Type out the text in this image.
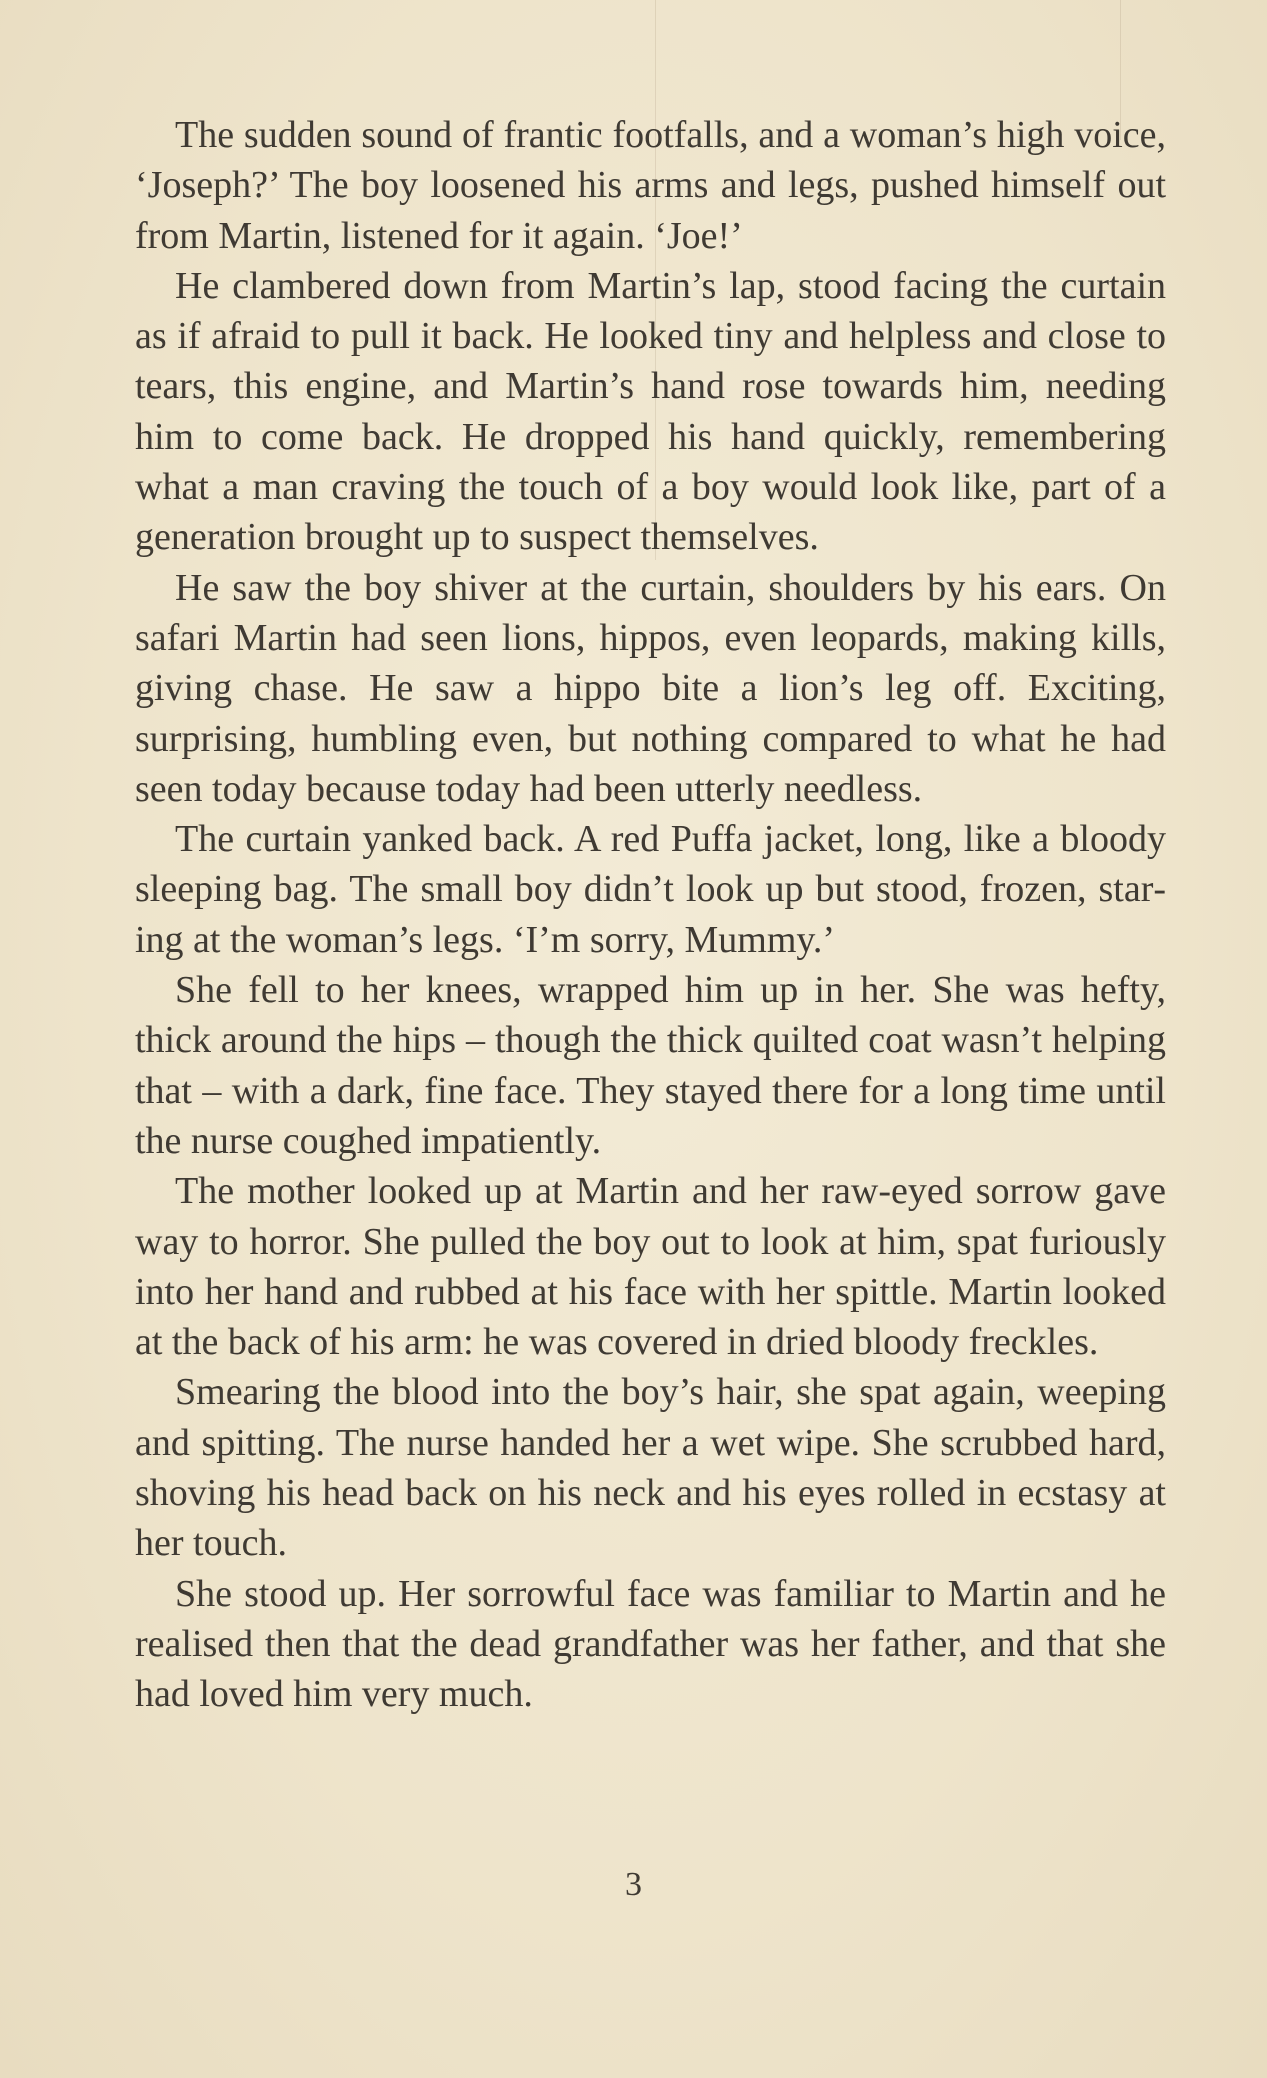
The sudden sound of frantic footfalls, and a woman’s high voice, ‘Joseph?’ The boy loosened his arms and legs, pushed himself out from Martin, listened for it again. ‘Joe!’

He clambered down from Martin’s lap, stood facing the curtain as if afraid to pull it back. He looked tiny and helpless and close to tears, this engine, and Martin’s hand rose towards him, needing him to come back. He dropped his hand quickly, remembering what a man craving the touch of a boy would look like, part of a generation brought up to suspect themselves.

He saw the boy shiver at the curtain, shoulders by his ears. On safari Martin had seen lions, hippos, even leopards, making kills, giving chase. He saw a hippo bite a lion’s leg off. Exciting, surprising, humbling even, but nothing compared to what he had seen today because today had been utterly needless.

The curtain yanked back. A red Puffa jacket, long, like a bloody sleeping bag. The small boy didn’t look up but stood, frozen, staring at the woman’s legs. ‘I’m sorry, Mummy.’

She fell to her knees, wrapped him up in her. She was hefty, thick around the hips – though the thick quilted coat wasn’t helping that – with a dark, fine face. They stayed there for a long time until the nurse coughed impatiently.

The mother looked up at Martin and her raw-eyed sorrow gave way to horror. She pulled the boy out to look at him, spat furiously into her hand and rubbed at his face with her spittle. Martin looked at the back of his arm: he was covered in dried bloody freckles.

Smearing the blood into the boy’s hair, she spat again, weeping and spitting. The nurse handed her a wet wipe. She scrubbed hard, shoving his head back on his neck and his eyes rolled in ecstasy at her touch.

She stood up. Her sorrowful face was familiar to Martin and he realised then that the dead grandfather was her father, and that she had loved him very much.

3
